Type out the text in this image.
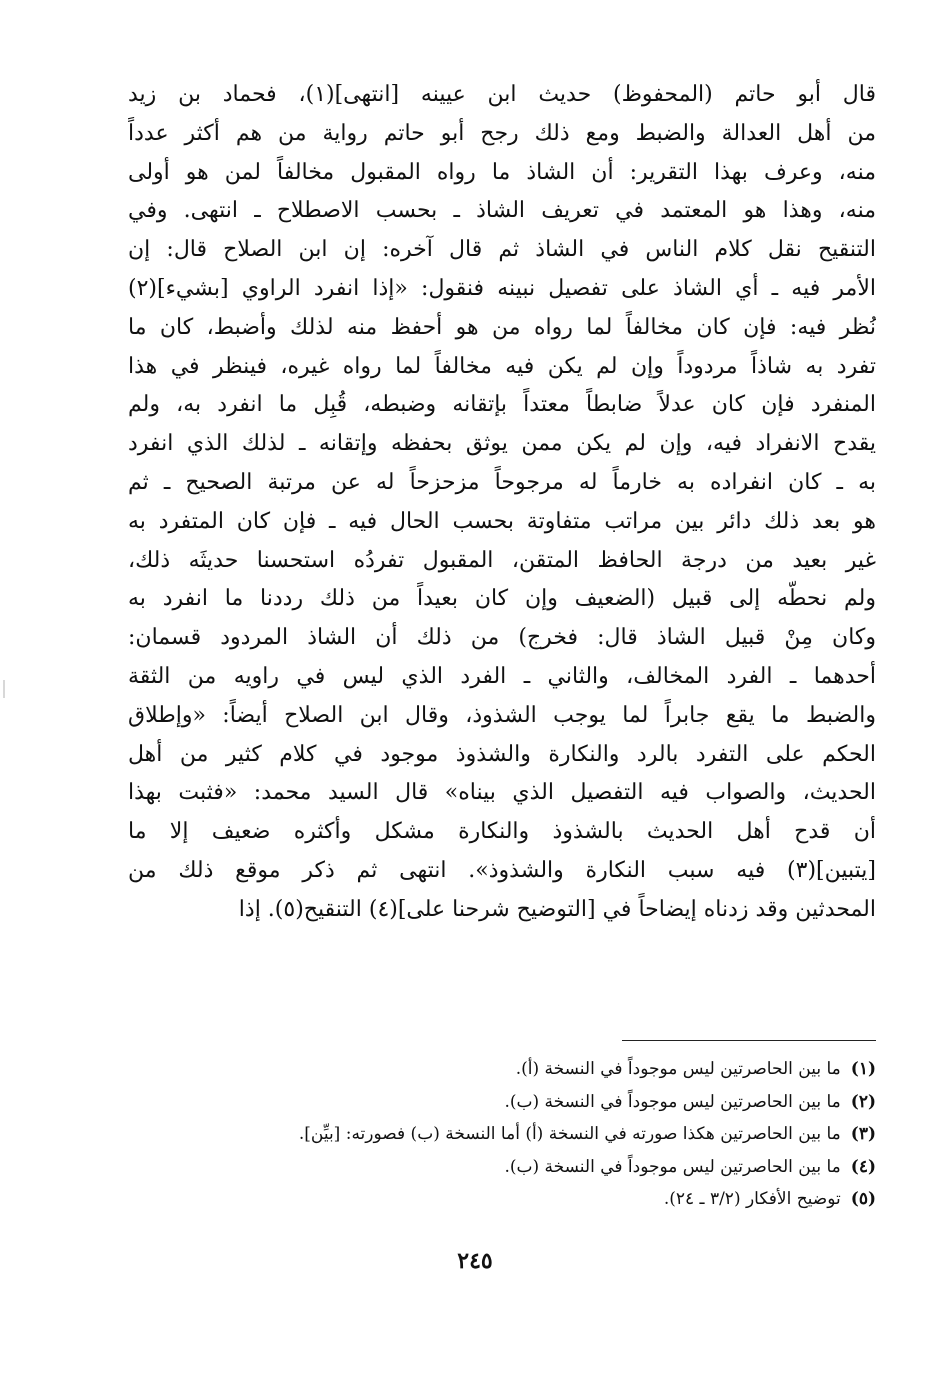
قال أبو حاتم (المحفوظ) حديث ابن عيينه [انتهى](١)، فحماد بن زيد
من أهل العدالة والضبط ومع ذلك رجح أبو حاتم رواية من هم أكثر عدداً
منه، وعرف بهذا التقرير: أن الشاذ ما رواه المقبول مخالفاً لمن هو أولى
منه، وهذا هو المعتمد في تعريف الشاذ ـ بحسب الاصطلاح ـ انتهى. وفي
التنقيح نقل كلام الناس في الشاذ ثم قال آخره: إن ابن الصلاح قال: إن
الأمر فيه ـ أي الشاذ على تفصيل نبينه فنقول: «إذا انفرد الراوي [بشيء](٢)
نُظر فيه: فإن كان مخالفاً لما رواه من هو أحفظ منه لذلك وأضبط، كان ما
تفرد به شاذاً مردوداً وإن لم يكن فيه مخالفاً لما رواه غيره، فينظر في هذا
المنفرد فإن كان عدلاً ضابطاً معتداً بإتقانه وضبطه، قُبِل ما انفرد به، ولم
يقدح الانفراد فيه، وإن لم يكن ممن يوثق بحفظه وإتقانه ـ لذلك الذي انفرد
به ـ كان انفراده به خارماً له مرجوحاً مزحزحاً له عن مرتبة الصحيح ـ ثم
هو بعد ذلك دائر بين مراتب متفاوتة بحسب الحال فيه ـ فإن كان المتفرد به
غير بعيد من درجة الحافظ المتقن، المقبول تفردُه استحسنا حديثَه ذلك،
ولم نحطّه إلى قبيل (الضعيف وإن كان بعيداً من ذلك رددنا ما انفرد به
وكان مِنْ قبيل الشاذ قال: فخرج) من ذلك أن الشاذ المردود قسمان:
أحدهما ـ الفرد المخالف، والثاني ـ الفرد الذي ليس في راويه من الثقة
والضبط ما يقع جابراً لما يوجب الشذوذ، وقال ابن الصلاح أيضاً: «وإطلاق
الحكم على التفرد بالرد والنكارة والشذوذ موجود في كلام كثير من أهل
الحديث، والصواب فيه التفصيل الذي بيناه» قال السيد محمد: «فثبت بهذا
أن قدح أهل الحديث بالشذوذ والنكارة مشكل وأكثره ضعيف إلا ما
[يتبين](٣) فيه سبب النكارة والشذوذ». انتهى ثم ذكر موقع ذلك من
المحدثين وقد زدناه إيضاحاً في [التوضيح شرحنا على](٤) التنقيح(٥). إذا
(١)ما بين الحاصرتين ليس موجوداً في النسخة (أ).
(٢)ما بين الحاصرتين ليس موجوداً في النسخة (ب).
(٣)ما بين الحاصرتين هكذا صورته في النسخة (أ) أما النسخة (ب) فصورته: [بيِّن].
(٤)ما بين الحاصرتين ليس موجوداً في النسخة (ب).
(٥)توضيح الأفكار (٣/٢ ـ ٢٤).
٢٤٥
